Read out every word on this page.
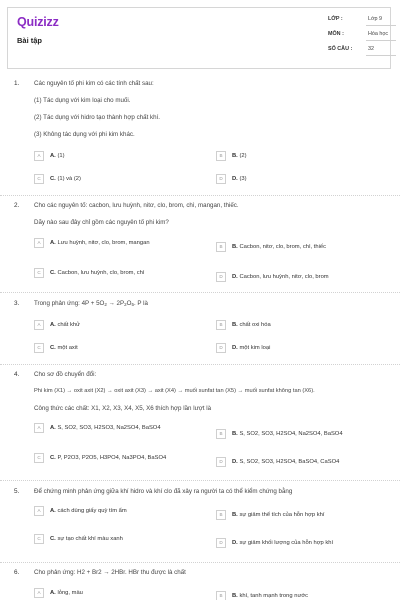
Quizizz
Bài tập
LỚP :	Lớp 9
MÔN :	Hóa học
SỐ CÂU :	32
1. Các nguyên tố phi kim có các tính chất sau:
(1) Tác dụng với kim loại cho muối.
(2) Tác dụng với hidro tạo thành hợp chất khí.
(3) Không tác dụng với phi kim khác.
A	A. (1)	B	B. (2)
C	C. (1) và (2)	D	D. (3)
2. Cho các nguyên tố: cacbon, lưu huỳnh, nitơ, clo, brom, chì, mangan, thiếc.
Dãy nào sau đây chỉ gồm các nguyên tố phi kim?
A	A. Lưu huỳnh, nitơ, clo, brom, mangan
B	B. Cacbon, nitơ, clo, brom, chì, thiếc
C	C. Cacbon, lưu huỳnh, clo, brom, chì
D	D. Cacbon, lưu huỳnh, nitơ, clo, brom
3. Trong phản ứng: $4P + 5O_2 \to 2P_2O_5$. P là
A	A. chất khử	B	B. chất oxi hóa
C	C. một axit	D	D. một kim loại
4. Cho sơ đồ chuyển đổi:
Phi kim (X1) → oxit axit (X2) → oxit axit (X3) → axit (X4) → muối sunfat tan (X5) → muối sunfat không tan (X6).
Công thức các chất: X1, X2, X3, X4, X5, X6 thích hợp lần lượt là
A	A. S, SO2, SO3, H2SO3, Na2SO4, BaSO4
B	B. S, SO2, SO3, H2SO4, Na2SO4, BaSO4
C	C. P, P2O3, P2O5, H3PO4, Na3PO4, BaSO4
D	D. S, SO2, SO3, H2SO4, BaSO4, CaSO4
5. Để chứng minh phản ứng giữa khí hidro và khí clo đã xảy ra người ta có thể kiểm chứng bằng
A	A. cách dùng giấy quỳ tím ẩm
B	B. sự giảm thể tích của hỗn hợp khí
C	C. sự tạo chất khí màu xanh
D	D. sự giảm khối lượng của hỗn hợp khí
6. Cho phản ứng: H2 + Br2 → 2HBr. HBr thu được là chất
A	A. lỏng, màu	B	B. khí, tanh mạnh trong nước
